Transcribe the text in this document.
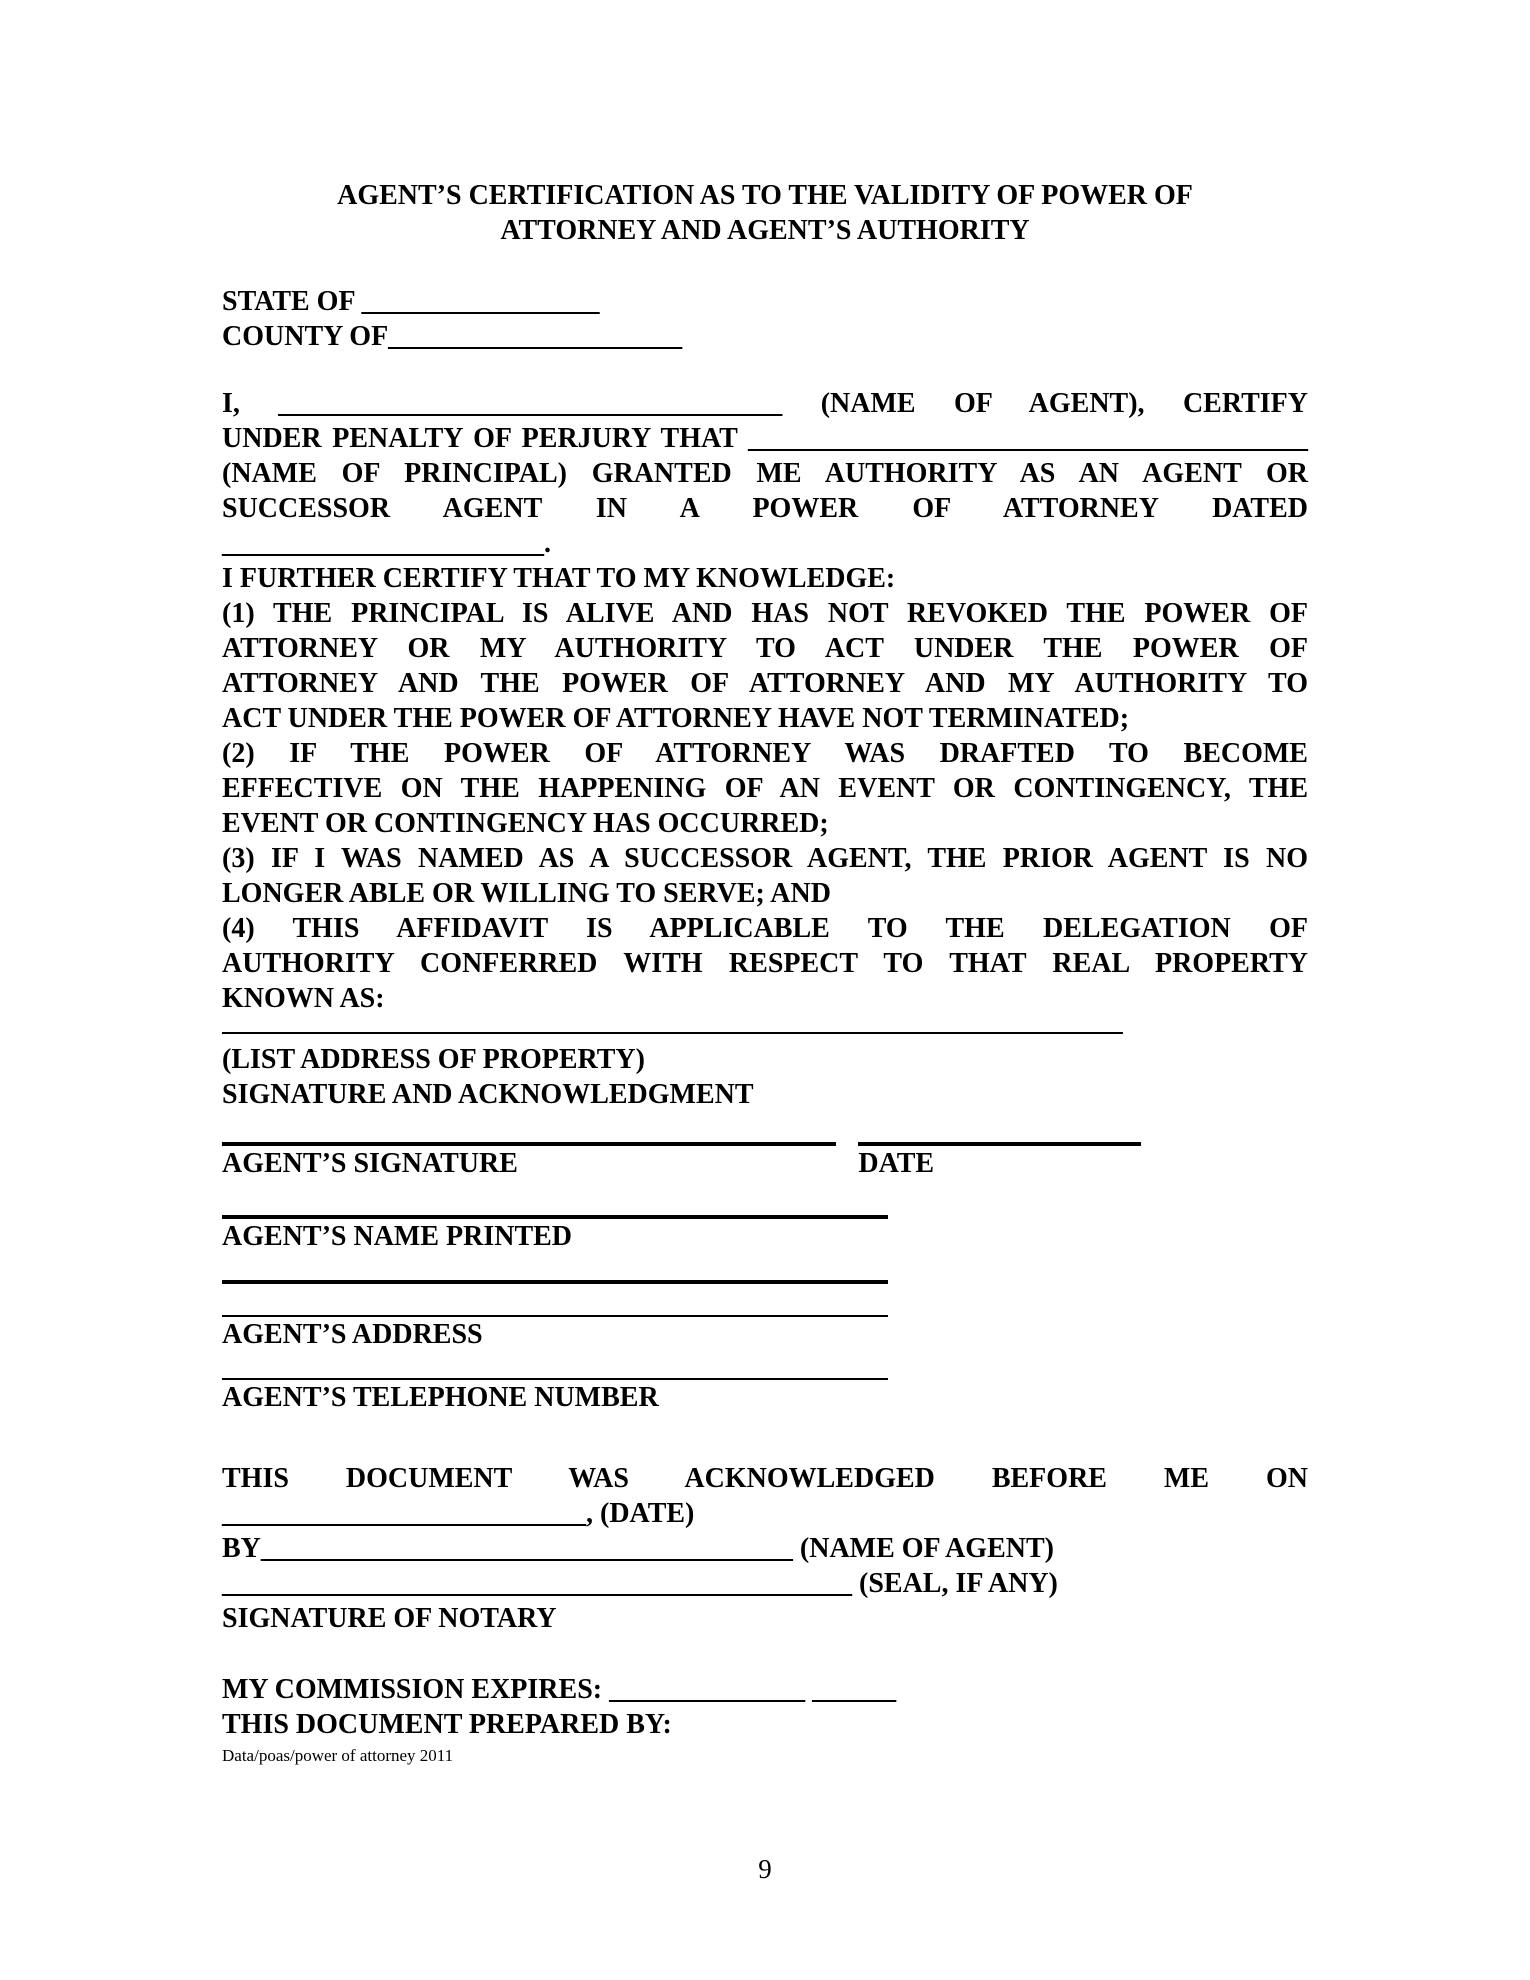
AGENT’S CERTIFICATION AS TO THE VALIDITY OF POWER OF
ATTORNEY AND AGENT’S AUTHORITY
STATE OF _________________
COUNTY OF_____________________
I, ____________________________________ (NAME OF AGENT), CERTIFY
UNDER PENALTY OF PERJURY THAT ________________________________________
(NAME OF PRINCIPAL) GRANTED ME AUTHORITY AS AN AGENT OR
SUCCESSOR AGENT IN A POWER OF ATTORNEY DATED
_______________________.
I FURTHER CERTIFY THAT TO MY KNOWLEDGE:
(1) THE PRINCIPAL IS ALIVE AND HAS NOT REVOKED THE POWER OF
ATTORNEY OR MY AUTHORITY TO ACT UNDER THE POWER OF
ATTORNEY AND THE POWER OF ATTORNEY AND MY AUTHORITY TO
ACT UNDER THE POWER OF ATTORNEY HAVE NOT TERMINATED;
(2) IF THE POWER OF ATTORNEY WAS DRAFTED TO BECOME
EFFECTIVE ON THE HAPPENING OF AN EVENT OR CONTINGENCY, THE
EVENT OR CONTINGENCY HAS OCCURRED;
(3) IF I WAS NAMED AS A SUCCESSOR AGENT, THE PRIOR AGENT IS NO
LONGER ABLE OR WILLING TO SERVE; AND
(4) THIS AFFIDAVIT IS APPLICABLE TO THE DELEGATION OF
AUTHORITY CONFERRED WITH RESPECT TO THAT REAL PROPERTY
KNOWN AS:
(LIST ADDRESS OF PROPERTY)
SIGNATURE AND ACKNOWLEDGMENT
AGENT’S SIGNATURE	DATE
AGENT’S NAME PRINTED
AGENT’S ADDRESS
AGENT’S TELEPHONE NUMBER
THIS DOCUMENT WAS ACKNOWLEDGED BEFORE ME ON
__________________________, (DATE)
BY______________________________________ (NAME OF AGENT)
_____________________________________________ (SEAL, IF ANY)
SIGNATURE OF NOTARY
MY COMMISSION EXPIRES: ______________ ______
THIS DOCUMENT PREPARED BY:
Data/poas/power of attorney 2011
9
